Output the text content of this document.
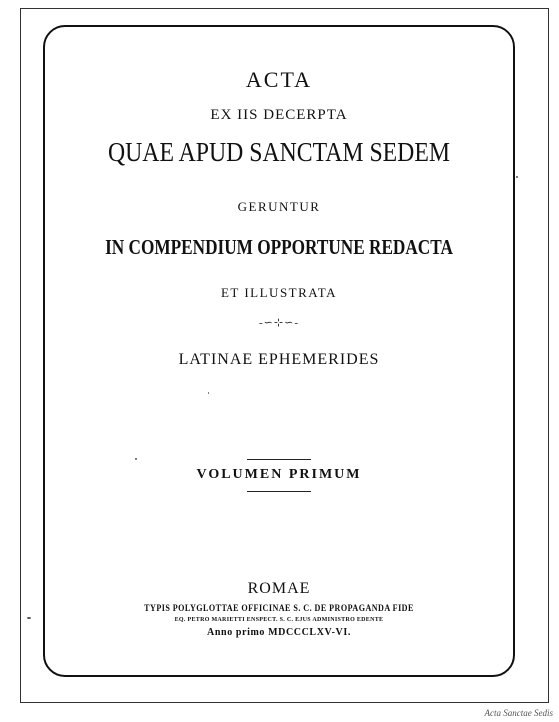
ACTA
EX IIS DECERPTA
QUAE APUD SANCTAM SEDEM
GERUNTUR
IN COMPENDIUM OPPORTUNE REDACTA
ET ILLUSTRATA
-∽⊹∽-
LATINAE EPHEMERIDES
VOLUMEN PRIMUM
ROMAE
TYPIS POLYGLOTTAE OFFICINAE S. C. DE PROPAGANDA FIDE
EQ. PETRO MARIETTI ENSPECT. S. C. EJUS ADMINISTRO EDENTE
Anno primo MDCCCLXV-VI.
Acta Sanctae Sedis
